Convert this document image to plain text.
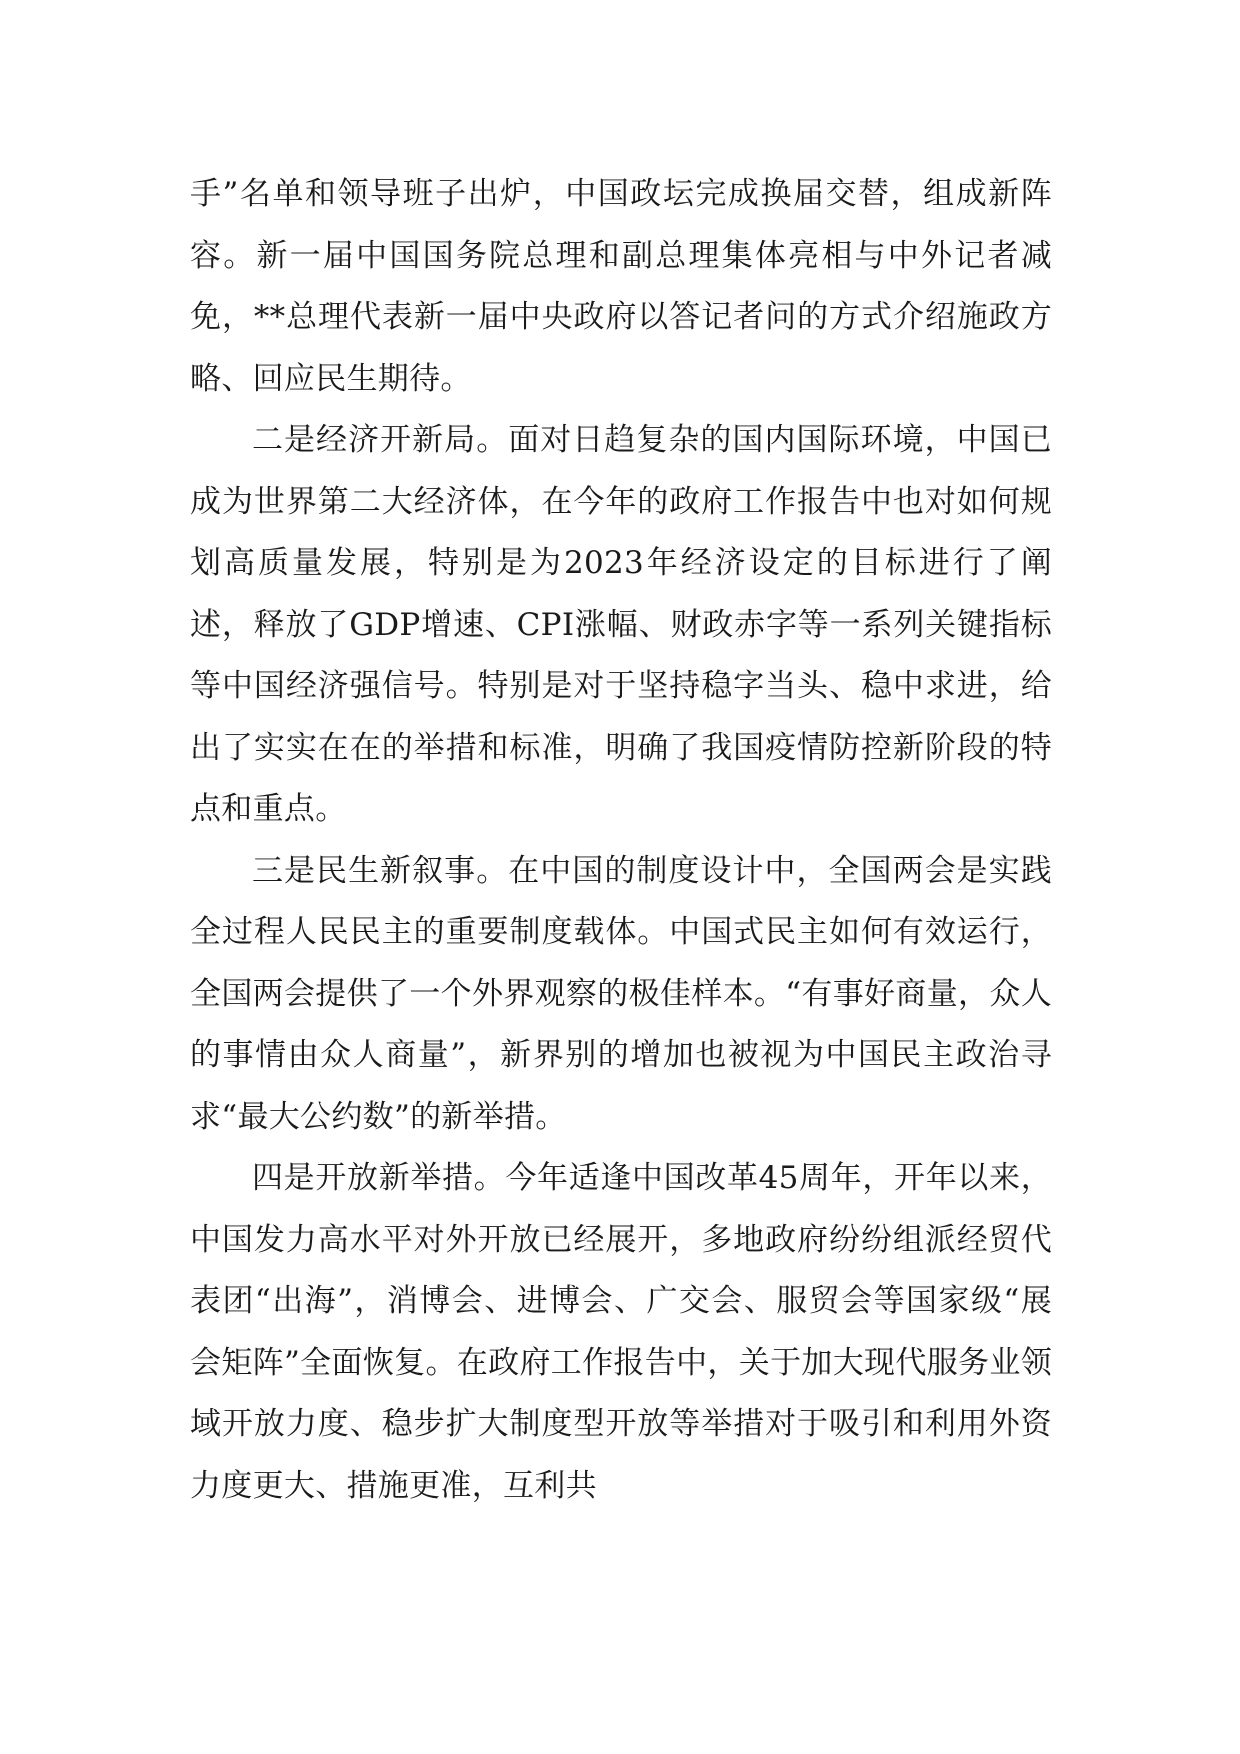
手”名单和领导班子出炉，中国政坛完成换届交替，组成新阵容。新一届中国国务院总理和副总理集体亮相与中外记者减免，**总理代表新一届中央政府以答记者问的方式介绍施政方略、回应民生期待。

二是经济开新局。面对日趋复杂的国内国际环境，中国已成为世界第二大经济体，在今年的政府工作报告中也对如何规划高质量发展，特别是为2023年经济设定的目标进行了阐述，释放了GDP增速、CPI涨幅、财政赤字等一系列关键指标等中国经济强信号。特别是对于坚持稳字当头、稳中求进，给出了实实在在的举措和标准，明确了我国疫情防控新阶段的特点和重点。

三是民生新叙事。在中国的制度设计中，全国两会是实践全过程人民民主的重要制度载体。中国式民主如何有效运行，全国两会提供了一个外界观察的极佳样本。“有事好商量，众人的事情由众人商量”，新界别的增加也被视为中国民主政治寻求“最大公约数”的新举措。

四是开放新举措。今年适逢中国改革45周年，开年以来，中国发力高水平对外开放已经展开，多地政府纷纷组派经贸代表团“出海”，消博会、进博会、广交会、服贸会等国家级“展会矩阵”全面恢复。在政府工作报告中，关于加大现代服务业领域开放力度、稳步扩大制度型开放等举措对于吸引和利用外资力度更大、措施更准，互利共
